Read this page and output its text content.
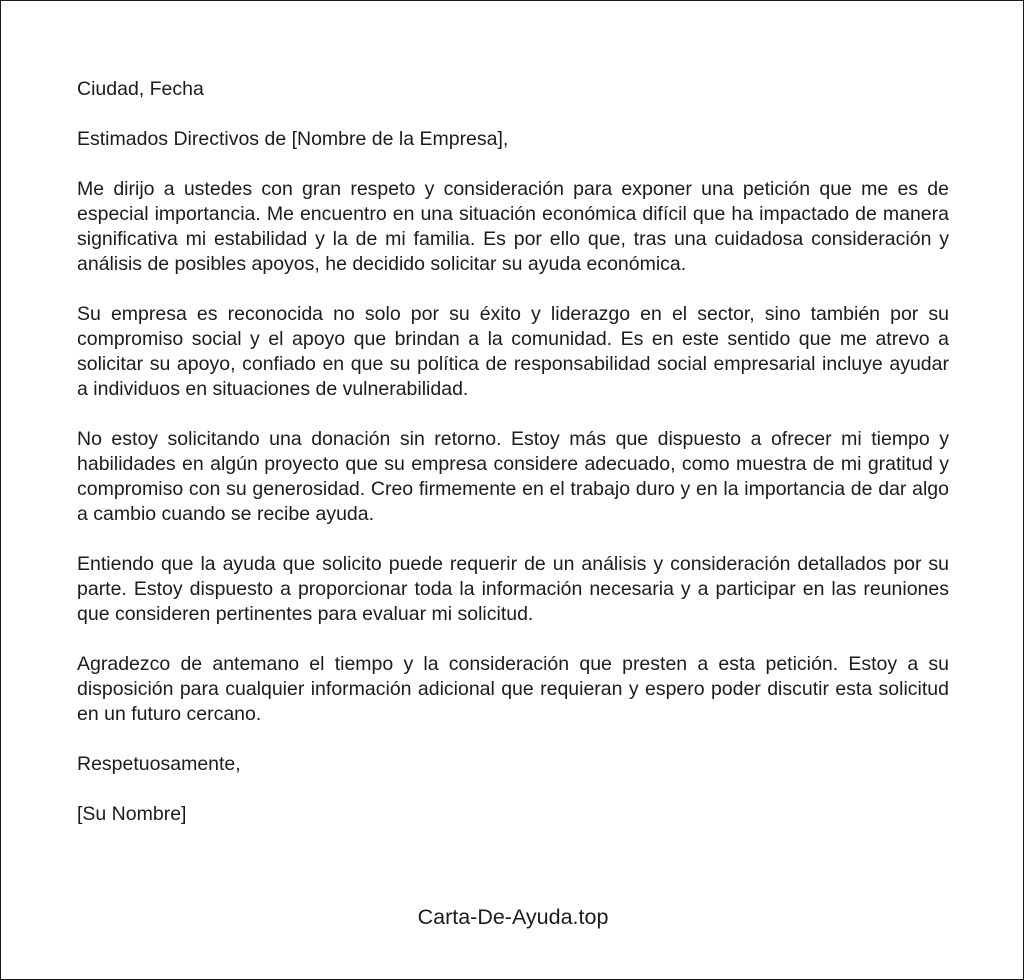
Ciudad, Fecha

Estimados Directivos de [Nombre de la Empresa],

Me dirijo a ustedes con gran respeto y consideración para exponer una petición que me es de especial importancia. Me encuentro en una situación económica difícil que ha impactado de manera significativa mi estabilidad y la de mi familia. Es por ello que, tras una cuidadosa consideración y análisis de posibles apoyos, he decidido solicitar su ayuda económica.

Su empresa es reconocida no solo por su éxito y liderazgo en el sector, sino también por su compromiso social y el apoyo que brindan a la comunidad. Es en este sentido que me atrevo a solicitar su apoyo, confiado en que su política de responsabilidad social empresarial incluye ayudar a individuos en situaciones de vulnerabilidad.

No estoy solicitando una donación sin retorno. Estoy más que dispuesto a ofrecer mi tiempo y habilidades en algún proyecto que su empresa considere adecuado, como muestra de mi gratitud y compromiso con su generosidad. Creo firmemente en el trabajo duro y en la importancia de dar algo a cambio cuando se recibe ayuda.

Entiendo que la ayuda que solicito puede requerir de un análisis y consideración detallados por su parte. Estoy dispuesto a proporcionar toda la información necesaria y a participar en las reuniones que consideren pertinentes para evaluar mi solicitud.

Agradezco de antemano el tiempo y la consideración que presten a esta petición. Estoy a su disposición para cualquier información adicional que requieran y espero poder discutir esta solicitud en un futuro cercano.

Respetuosamente,

[Su Nombre]

Carta-De-Ayuda.top
